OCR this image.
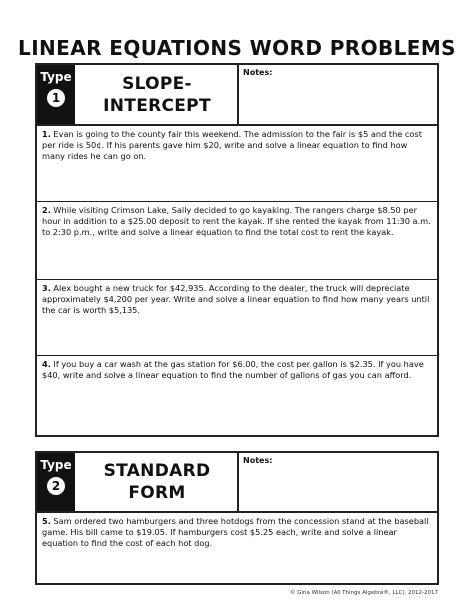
LINEAR EQUATIONS WORD PROBLEMS
Type
1
SLOPE-
INTERCEPT
Notes:

1. Evan is going to the county fair this weekend. The admission to the fair is $5 and the cost per ride is 50¢. If his parents gave him $20, write and solve a linear equation to find how many rides he can go on.

2. While visiting Crimson Lake, Sally decided to go kayaking. The rangers charge $8.50 per hour in addition to a $25.00 deposit to rent the kayak. If she rented the kayak from 11:30 a.m. to 2:30 p.m., write and solve a linear equation to find the total cost to rent the kayak.

3. Alex bought a new truck for $42,935. According to the dealer, the truck will depreciate approximately $4,200 per year. Write and solve a linear equation to find how many years until the car is worth $5,135.

4. If you buy a car wash at the gas station for $6.00, the cost per gallon is $2.35. If you have $40, write and solve a linear equation to find the number of gallons of gas you can afford.

Type
2
STANDARD
FORM
Notes:

5. Sam ordered two hamburgers and three hotdogs from the concession stand at the baseball game. His bill came to $19.05. If hamburgers cost $5.25 each, write and solve a linear equation to find the cost of each hot dog.

© Gina Wilson (All Things Algebra®, LLC), 2012-2017
